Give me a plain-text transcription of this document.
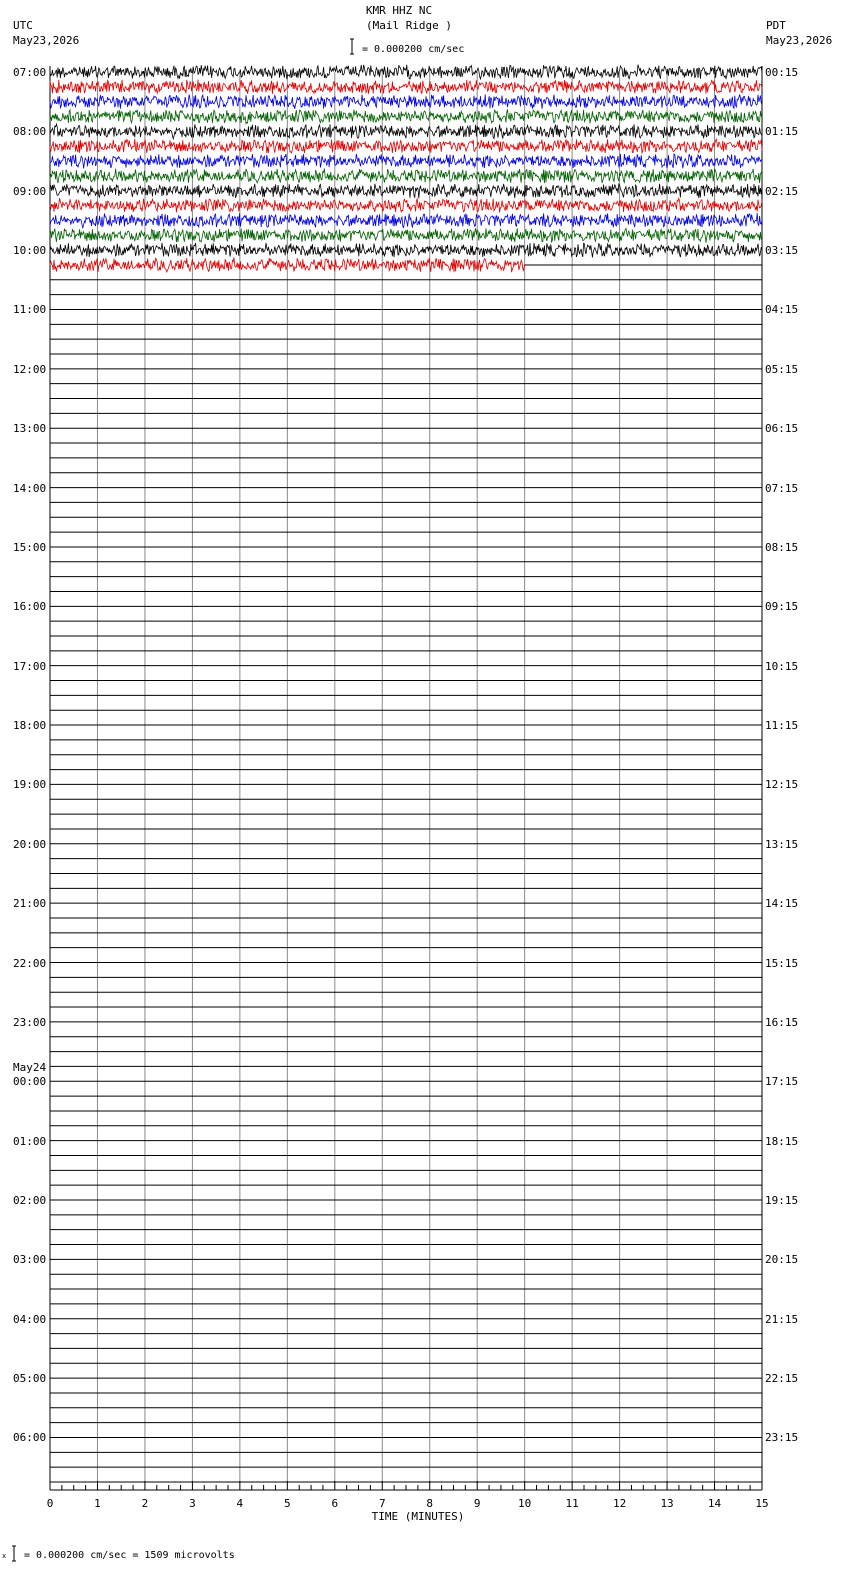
KMR HHZ NC
(Mail Ridge )
= 0.000200 cm/sec
UTC
May23,2026
PDT
May23,2026
07:00
08:00
09:00
10:00
11:00
12:00
13:00
14:00
15:00
16:00
17:00
18:00
19:00
20:00
21:00
22:00
23:00
00:00
May24
01:00
02:00
03:00
04:00
05:00
06:00
00:15
01:15
02:15
03:15
04:15
05:15
06:15
07:15
08:15
09:15
10:15
11:15
12:15
13:15
14:15
15:15
16:15
17:15
18:15
19:15
20:15
21:15
22:15
23:15
0	1	2	3	4	5	6	7	8	9	10	11	12	13	14	15
TIME (MINUTES)
= 0.000200 cm/sec = 1509 microvolts
x
